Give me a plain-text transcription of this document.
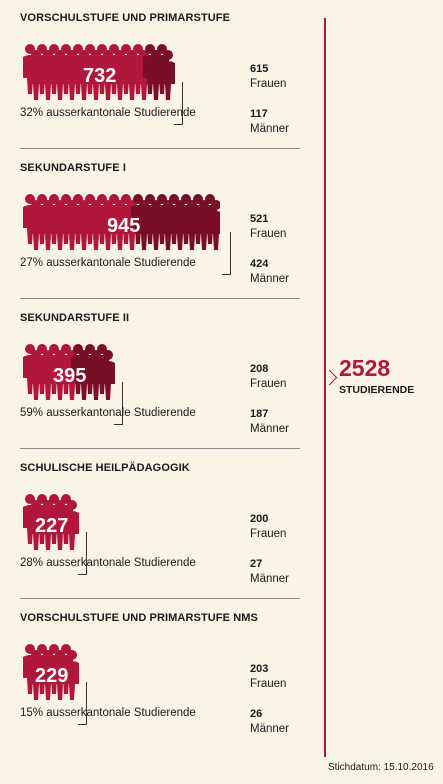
VORSCHULSTUFE UND PRIMARSTUFE
732
32% ausserkantonale Studierende
615
Frauen
117
Männer
SEKUNDARSTUFE I
945
27% ausserkantonale Studierende
521
Frauen
424
Männer
SEKUNDARSTUFE II
395
59% ausserkantonale Studierende
208
Frauen
187
Männer
SCHULISCHE HEILPÄDAGOGIK
227
28% ausserkantonale Studierende
200
Frauen
27
Männer
VORSCHULSTUFE UND PRIMARSTUFE NMS
229
15% ausserkantonale Studierende
203
Frauen
26
Männer
2528
STUDIERENDE
Stichdatum: 15.10.2016
